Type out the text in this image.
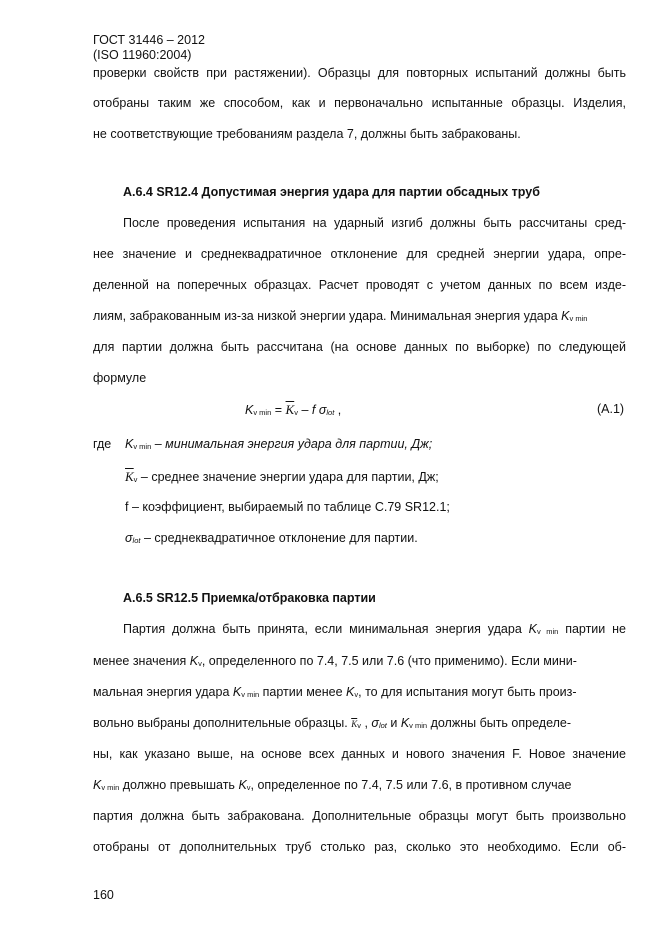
ГОСТ 31446 – 2012
(ISO 11960:2004)
проверки свойств при растяжении). Образцы для повторных испытаний должны быть
отобраны таким же способом, как и первоначально испытанные образцы. Изделия,
не соответствующие требованиям раздела 7, должны быть забракованы.
А.6.4 SR12.4 Допустимая энергия удара для партии обсадных труб
После проведения испытания на ударный изгиб должны быть рассчитаны сред-
нее значение и среднеквадратичное отклонение для средней энергии удара, опре-
деленной на поперечных образцах. Расчет проводят с учетом данных по всем изде-
лиям, забракованным из-за низкой энергии удара. Минимальная энергия удара $K_{v min}$
для партии должна быть рассчитана (на основе данных по выборке) по следующей
формуле
$K_{v min} = \overline{K}_v - f$ $\sigma_{lot}$ ,	(А.1)
где $K_{v min}$ – минимальная энергия удара для партии, Дж;
$\overline{K}_v$ – среднее значение энергии удара для партии, Дж;
f – коэффициент, выбираемый по таблице С.79 SR12.1;
$\sigma_{lot}$ – среднеквадратичное отклонение для партии.
А.6.5 SR12.5 Приемка/отбраковка партии
Партия должна быть принята, если минимальная энергия удара $K_{v min}$ партии не
менее значения $K_v$, определенного по 7.4, 7.5 или 7.6 (что применимо). Если мини-
мальная энергия удара $K_{v min}$ партии менее $K_v$, то для испытания могут быть произ-
вольно выбраны дополнительные образцы. $\overline{K}_v$ , $\sigma_{lot}$ и $K_{v min}$ должны быть определе-
ны, как указано выше, на основе всех данных и нового значения F. Новое значение
$K_{v min}$ должно превышать $K_v$, определенное по 7.4, 7.5 или 7.6, в противном случае
партия должна быть забракована. Дополнительные образцы могут быть произвольно
отобраны от дополнительных труб столько раз, сколько это необходимо. Если об-
160
